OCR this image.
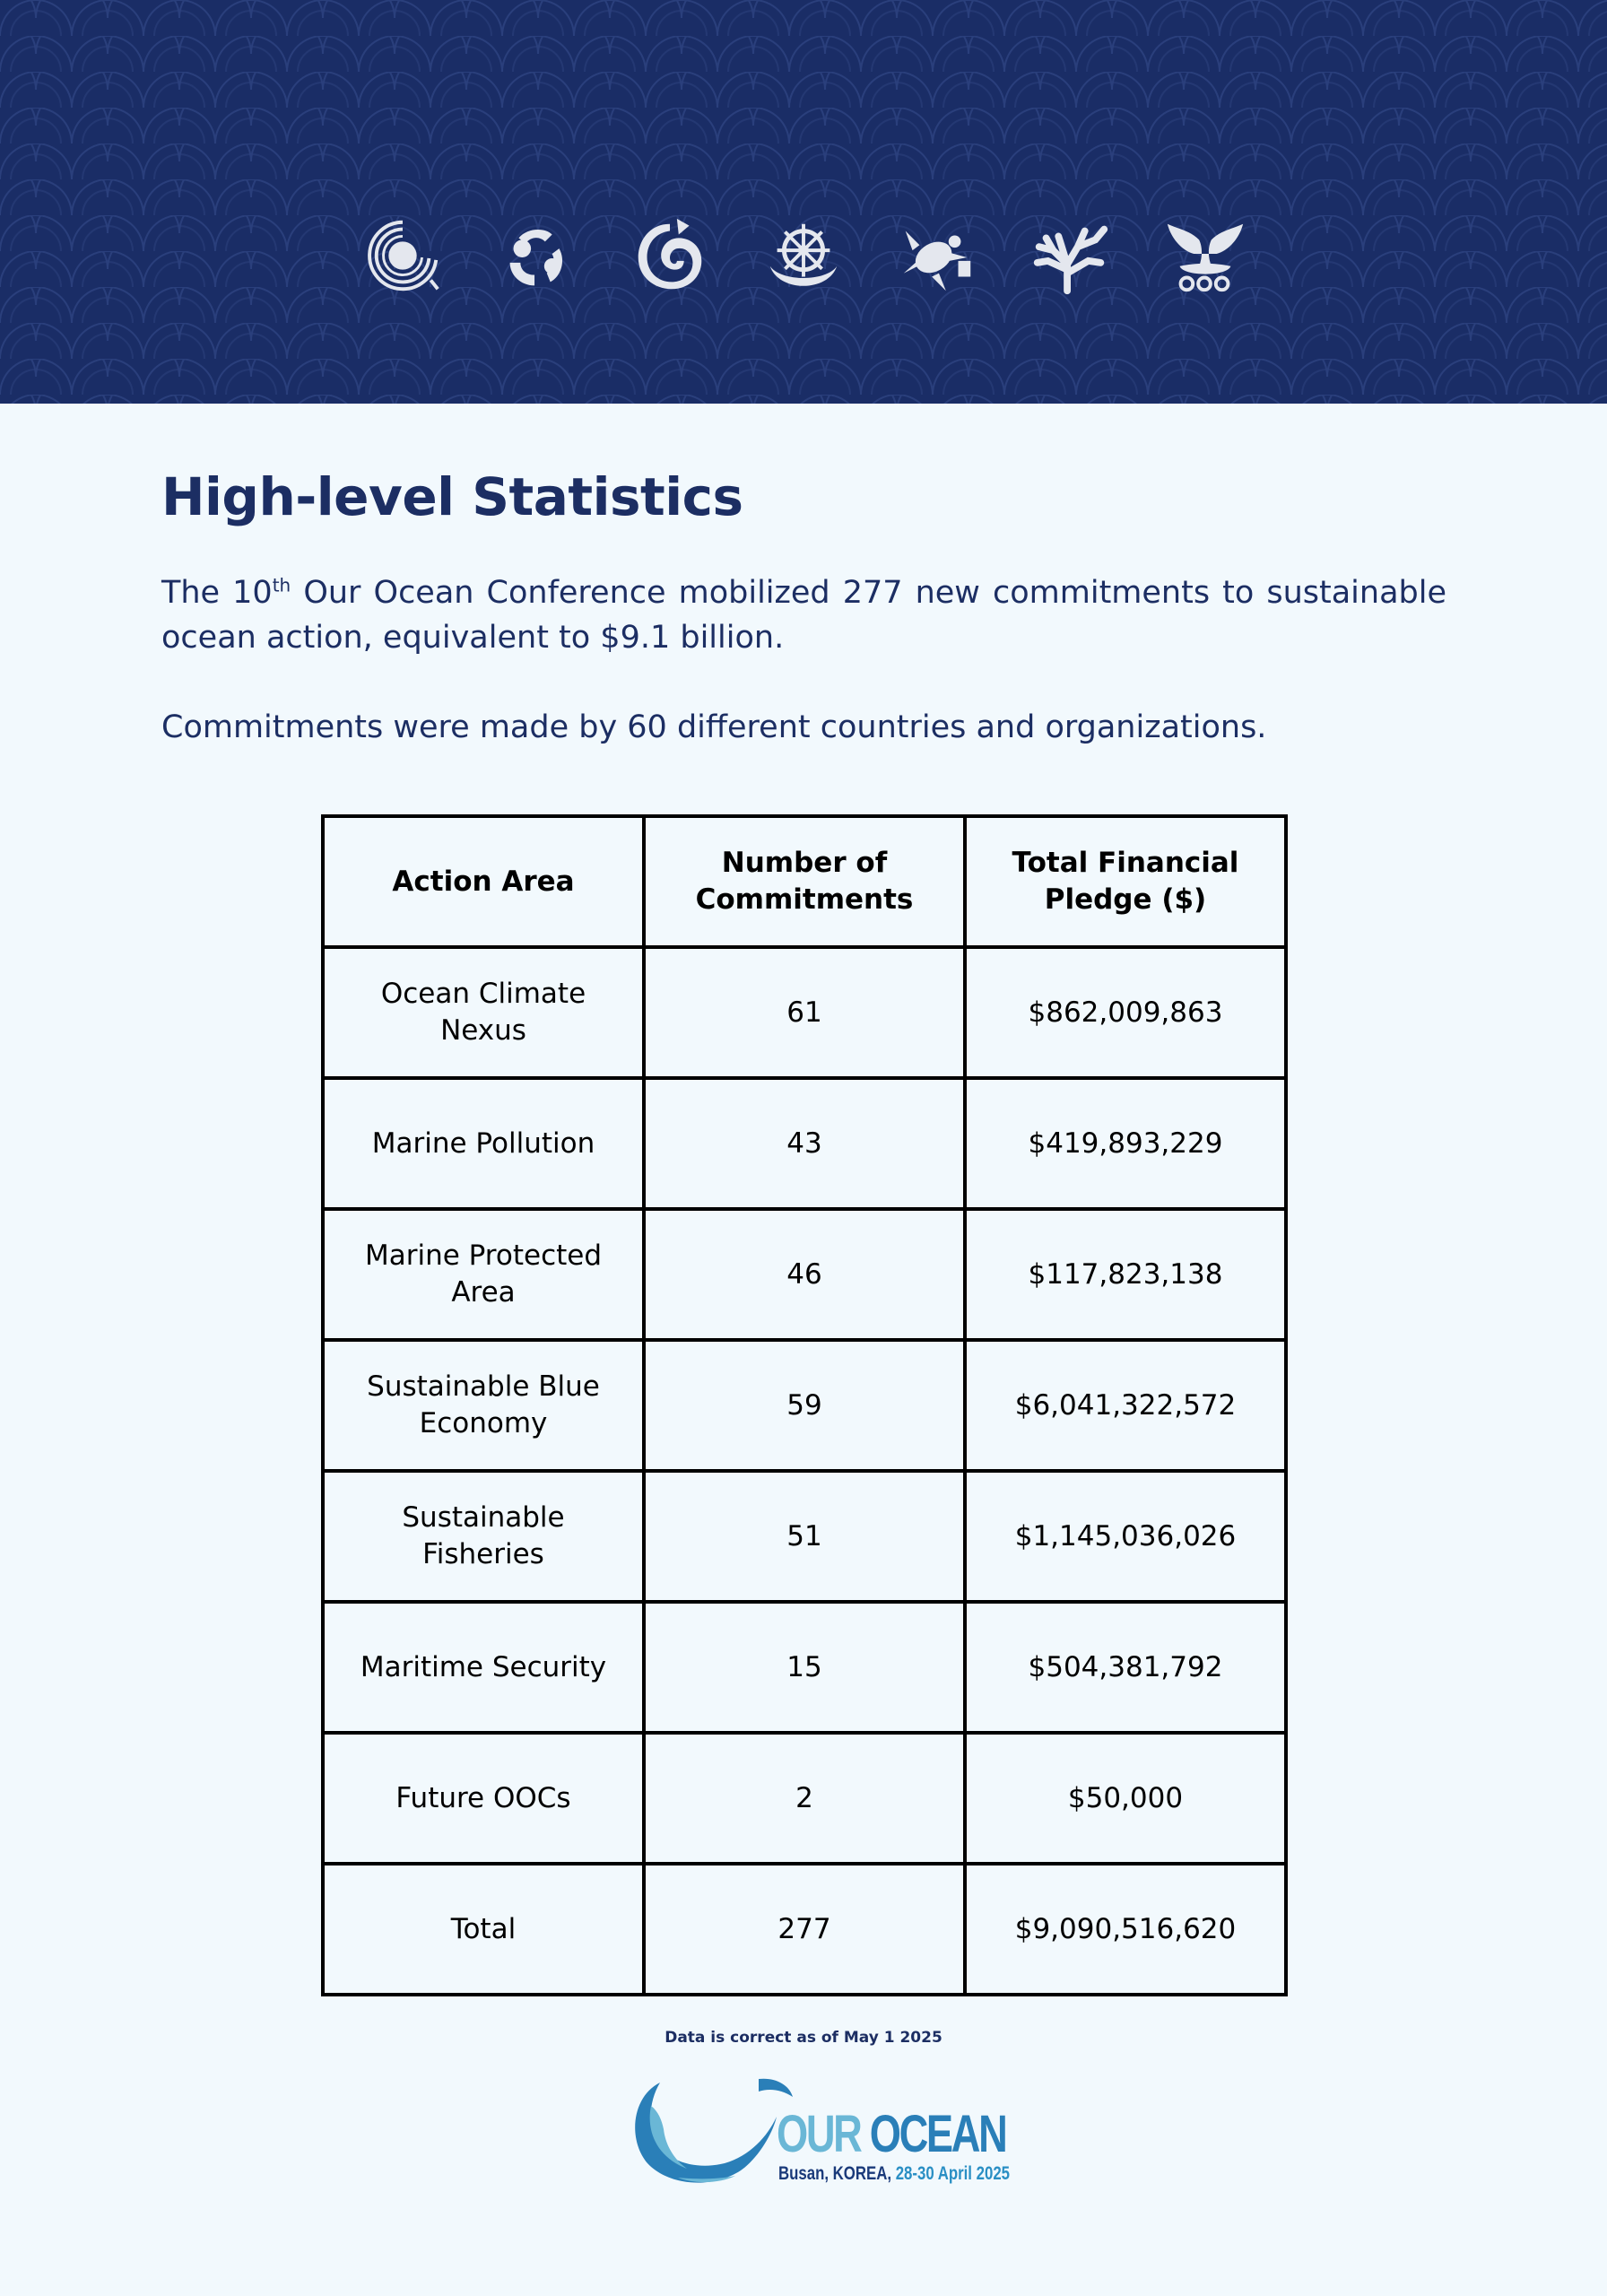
High-level Statistics

The 10th Our Ocean Conference mobilized 277 new commitments to sustainable ocean action, equivalent to $9.1 billion.

Commitments were made by 60 different countries and organizations.

Action Area	Number of Commitments	Total Financial Pledge ($)
Ocean Climate Nexus	61	$862,009,863
Marine Pollution	43	$419,893,229
Marine Protected Area	46	$117,823,138
Sustainable Blue Economy	59	$6,041,322,572
Sustainable Fisheries	51	$1,145,036,026
Maritime Security	15	$504,381,792
Future OOCs	2	$50,000
Total	277	$9,090,516,620
Data is correct as of May 1 2025
OUR OCEAN
Busan, KOREA, 28-30 April 2025
